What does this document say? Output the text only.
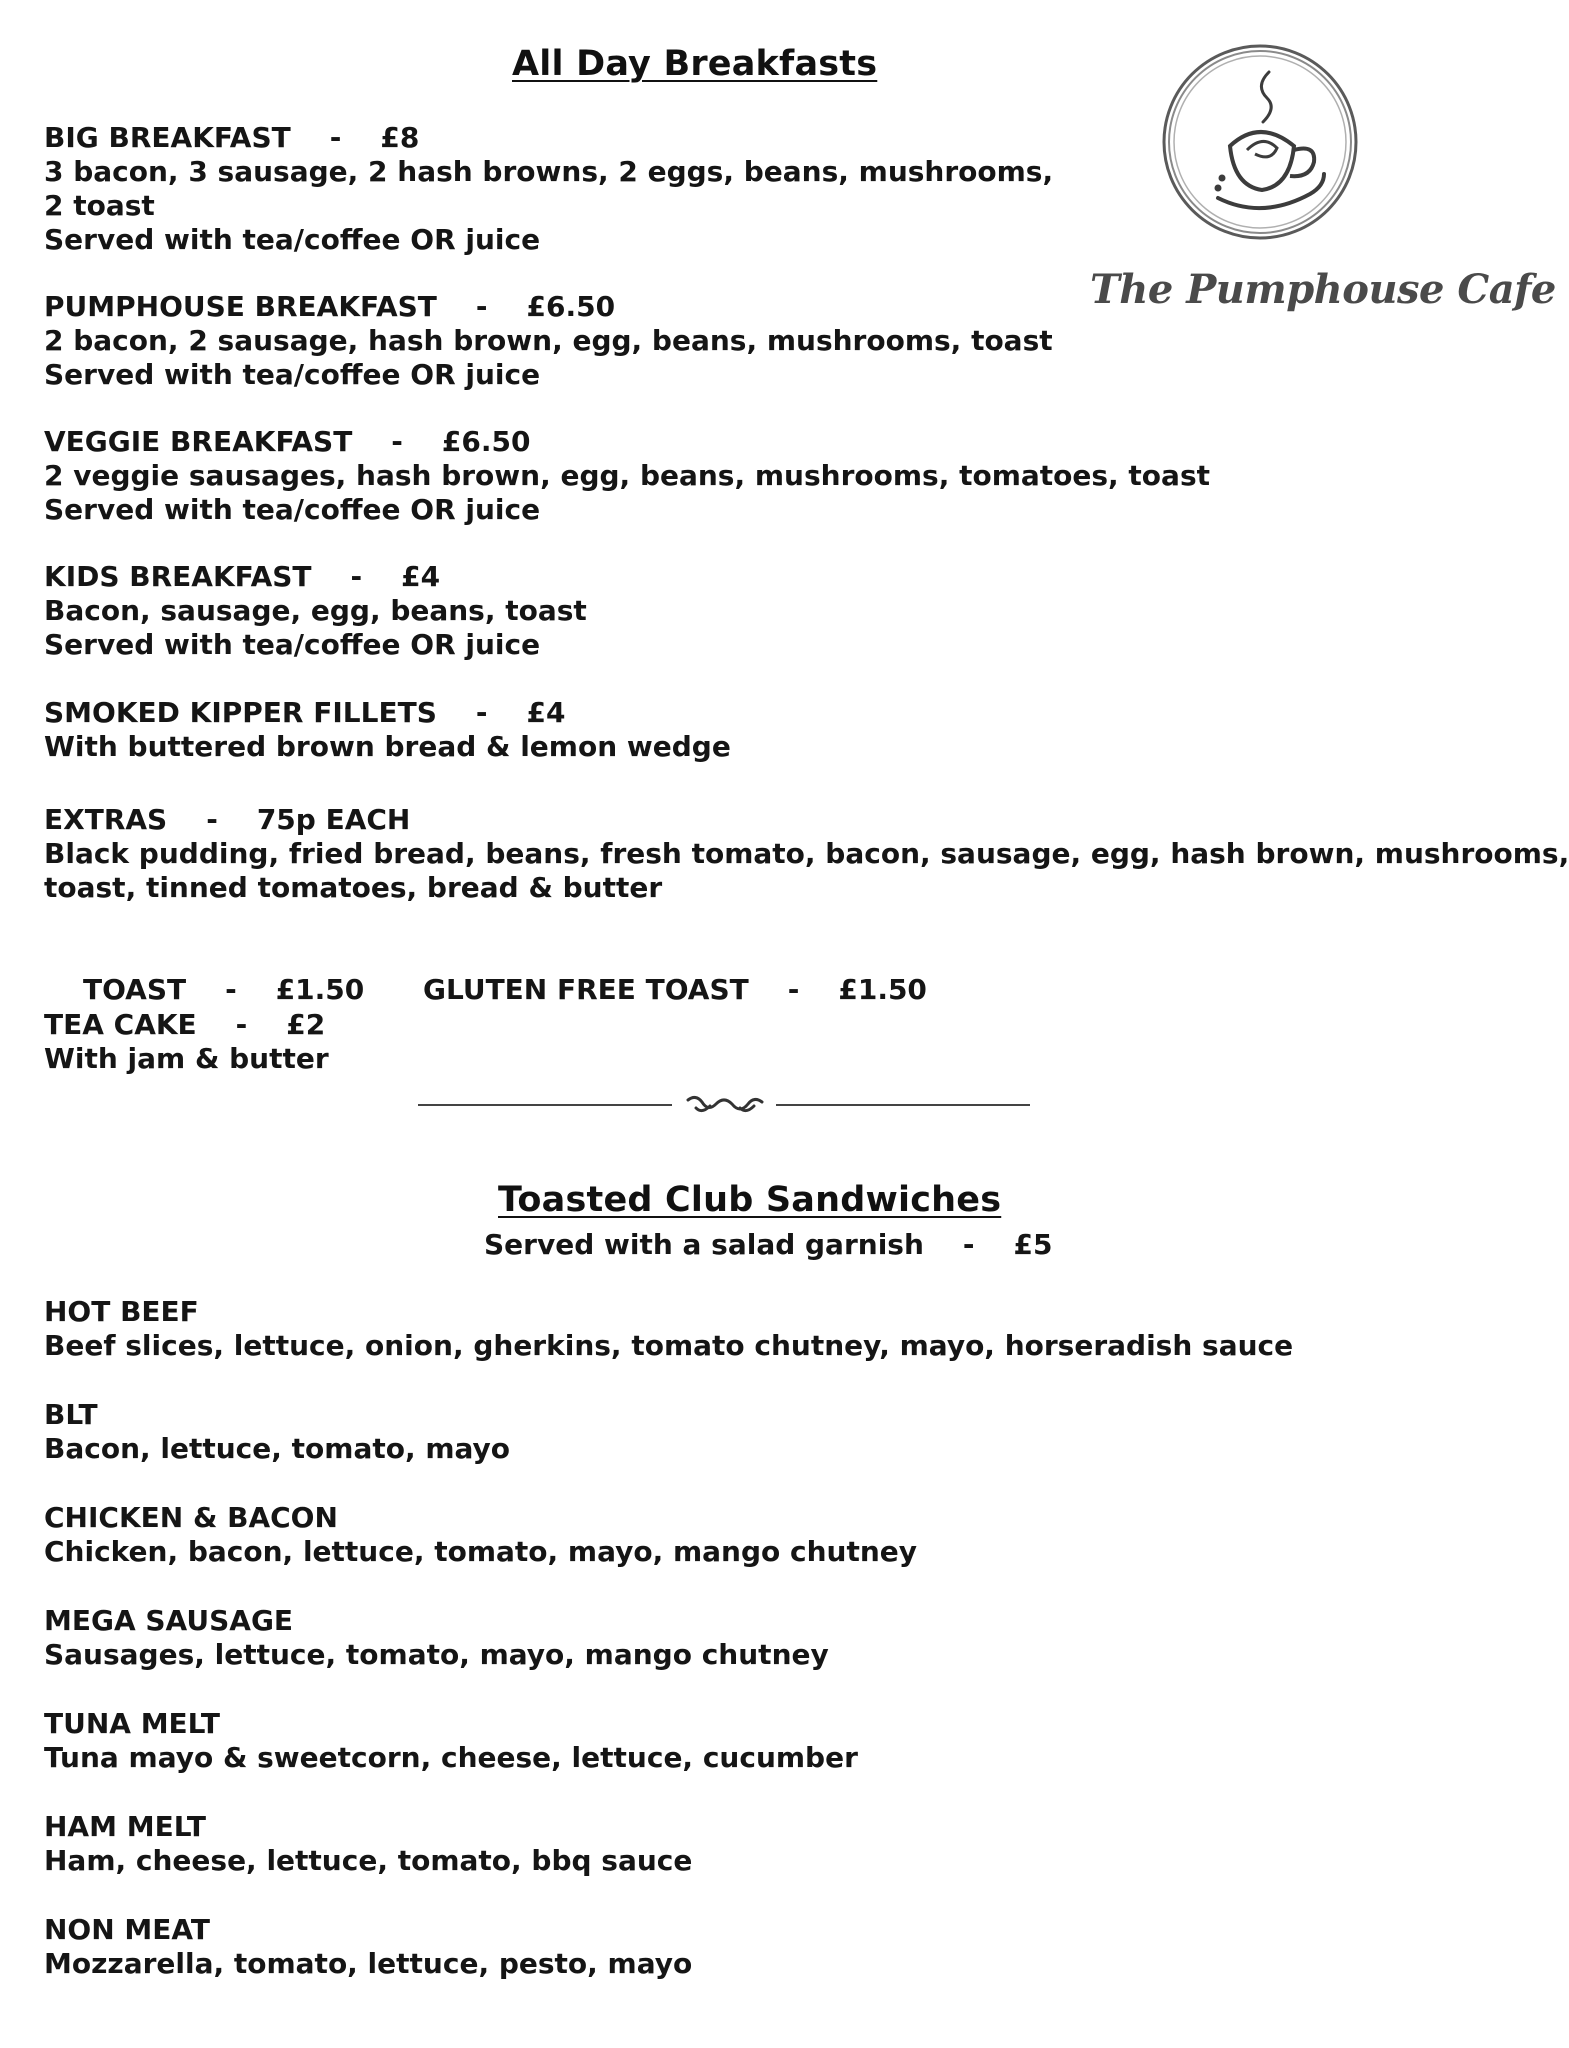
All Day Breakfasts
The Pumphouse Cafe
BIG BREAKFAST    -    £8
3 bacon, 3 sausage, 2 hash browns, 2 eggs, beans, mushrooms,
2 toast
Served with tea/coffee OR juice
PUMPHOUSE BREAKFAST    -    £6.50
2 bacon, 2 sausage, hash brown, egg, beans, mushrooms, toast
Served with tea/coffee OR juice
VEGGIE BREAKFAST    -    £6.50
2 veggie sausages, hash brown, egg, beans, mushrooms, tomatoes, toast
Served with tea/coffee OR juice
KIDS BREAKFAST    -    £4
Bacon, sausage, egg, beans, toast
Served with tea/coffee OR juice
SMOKED KIPPER FILLETS    -    £4
With buttered brown bread & lemon wedge
EXTRAS    -    75p EACH
Black pudding, fried bread, beans, fresh tomato, bacon, sausage, egg, hash brown, mushrooms,
toast, tinned tomatoes, bread & butter

TOAST    -    £1.50 GLUTEN FREE TOAST    -    £1.50

TEA CAKE    -    £2
With jam & butter
Toasted Club Sandwiches
Served with a salad garnish    -    £5
HOT BEEF
Beef slices, lettuce, onion, gherkins, tomato chutney, mayo, horseradish sauce
BLT
Bacon, lettuce, tomato, mayo
CHICKEN & BACON
Chicken, bacon, lettuce, tomato, mayo, mango chutney
MEGA SAUSAGE
Sausages, lettuce, tomato, mayo, mango chutney
TUNA MELT
Tuna mayo & sweetcorn, cheese, lettuce, cucumber
HAM MELT
Ham, cheese, lettuce, tomato, bbq sauce
NON MEAT
Mozzarella, tomato, lettuce, pesto, mayo
